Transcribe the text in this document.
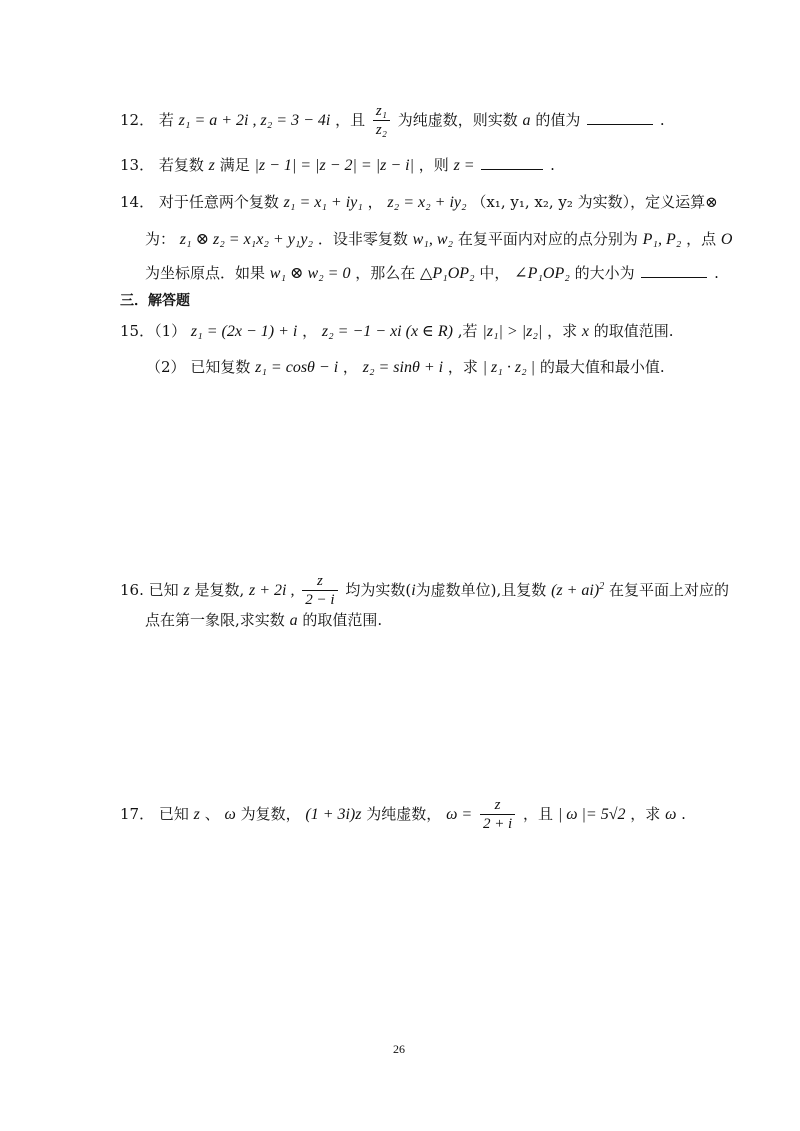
12． 若 z₁ = a + 2i , z₂ = 3 − 4i ，且 $\frac{\text{z₁}}{\text{z₂}}$ 为纯虚数，则实数 a 的值为	.
13． 若复数 z 满足 |z − 1| = |z − 2| = |z − i| ，则 z =	.
14． 对于任意两个复数 z₁ = x₁ + iy₁ ， z₂ = x₂ + iy₂ （x₁, y₁, x₂, y₂ 为实数），定义运算⊗
为： z₁ ⊗ z₂ = x₁x₂ + y₁y₂ ．设非零复数 w₁, w₂ 在复平面内对应的点分别为 P₁, P₂ ，点 O
为坐标原点．如果 w₁ ⊗ w₂ = 0 ，那么在 △P₁OP₂ 中， ∠P₁OP₂ 的大小为	.
三．解答题
15．（1） z₁ = (2x − 1) + i ， z₂ = −1 − xi (x ∈ R) ,若 |z₁| > |z₂| ，求 x 的取值范围.
（2） 已知复数 z₁ = cosθ − i ， z₂ = sinθ + i ，求 | z₁ · z₂ | 的最大值和最小值.
16. 已知 z 是复数, z + 2i , $\frac{z}{2 - i}$ 均为实数(i为虚数单位),且复数 (z + ai)$^2$ 在复平面上对应的
点在第一象限,求实数 a 的取值范围.
17． 已知 z 、 ω 为复数， (1 + 3i)z 为纯虚数， $\omega = \frac{z}{2 + i}$ ，且 | ω |= 5√2 ，求 ω .
26
